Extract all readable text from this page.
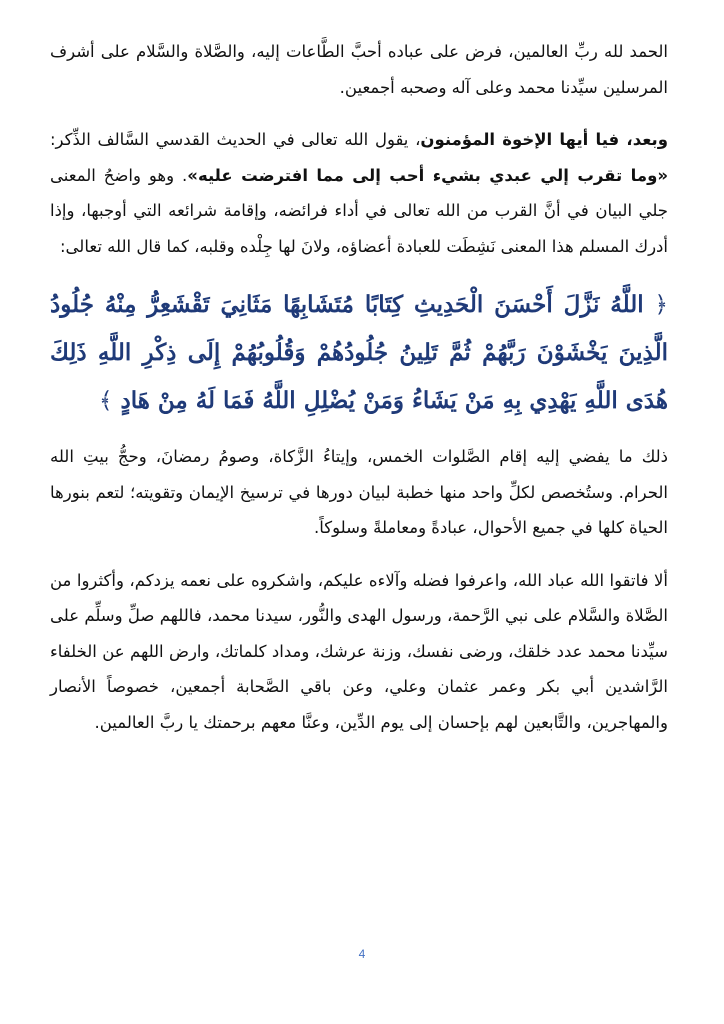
الحمد لله ربِّ العالمين، فرض على عباده أحبَّ الطَّاعات إليه، والصَّلاة والسَّلام على أشرف المرسلين سيِّدنا محمد وعلى آله وصحبه أجمعين.

وبعد، فيا أيها الإخوة المؤمنون، يقول الله تعالى في الحديث القدسي السَّالف الذِّكر: «وما تقرب إلي عبدي بشيء أحب إلى مما افترضت عليه». وهو واضحُ المعنى جلي البيان في أنَّ القرب من الله تعالى في أداء فرائضه، وإقامة شرائعه التي أوجبها، وإذا أدرك المسلم هذا المعنى نَشِطَت للعبادة أعضاؤه، ولانَ لها جِلْده وقلبه، كما قال الله تعالى:

﴿ اللَّهُ نَزَّلَ أَحْسَنَ الْحَدِيثِ كِتَابًا مُتَشَابِهًا مَثَانِيَ تَقْشَعِرُّ مِنْهُ جُلُودُ الَّذِينَ يَخْشَوْنَ رَبَّهُمْ ثُمَّ تَلِينُ جُلُودُهُمْ وَقُلُوبُهُمْ إِلَى ذِكْرِ اللَّهِ ذَلِكَ هُدَى اللَّهِ يَهْدِي بِهِ مَنْ يَشَاءُ وَمَنْ يُضْلِلِ اللَّهُ فَمَا لَهُ مِنْ هَادٍ ﴾

ذلك ما يفضي إليه إقام الصَّلوات الخمس، وإيتاءُ الزَّكاة، وصومُ رمضانَ، وحجُّ بيتِ الله الحرام. وستُخصص لكلِّ واحد منها خطبة لبيان دورها في ترسيخ الإيمان وتقويته؛ لتعم بنورها الحياة كلها في جميع الأحوال، عبادةً ومعاملةً وسلوكاً.

ألا فاتقوا الله عباد الله، واعرفوا فضله وآلاءه عليكم، واشكروه على نعمه يزدكم، وأكثروا من الصَّلاة والسَّلام على نبي الرَّحمة، ورسول الهدى والنُّور، سيدنا محمد، فاللهم صلِّ وسلِّم على سيِّدنا محمد عدد خلقك، ورضى نفسك، وزنة عرشك، ومداد كلماتك، وارض اللهم عن الخلفاء الرَّاشدين أبي بكر وعمر عثمان وعلي، وعن باقي الصَّحابة أجمعين، خصوصاً الأنصار والمهاجرين، والتَّابعين لهم بإحسان إلى يوم الدِّين، وعنَّا معهم برحمتك يا ربَّ العالمين.

4
